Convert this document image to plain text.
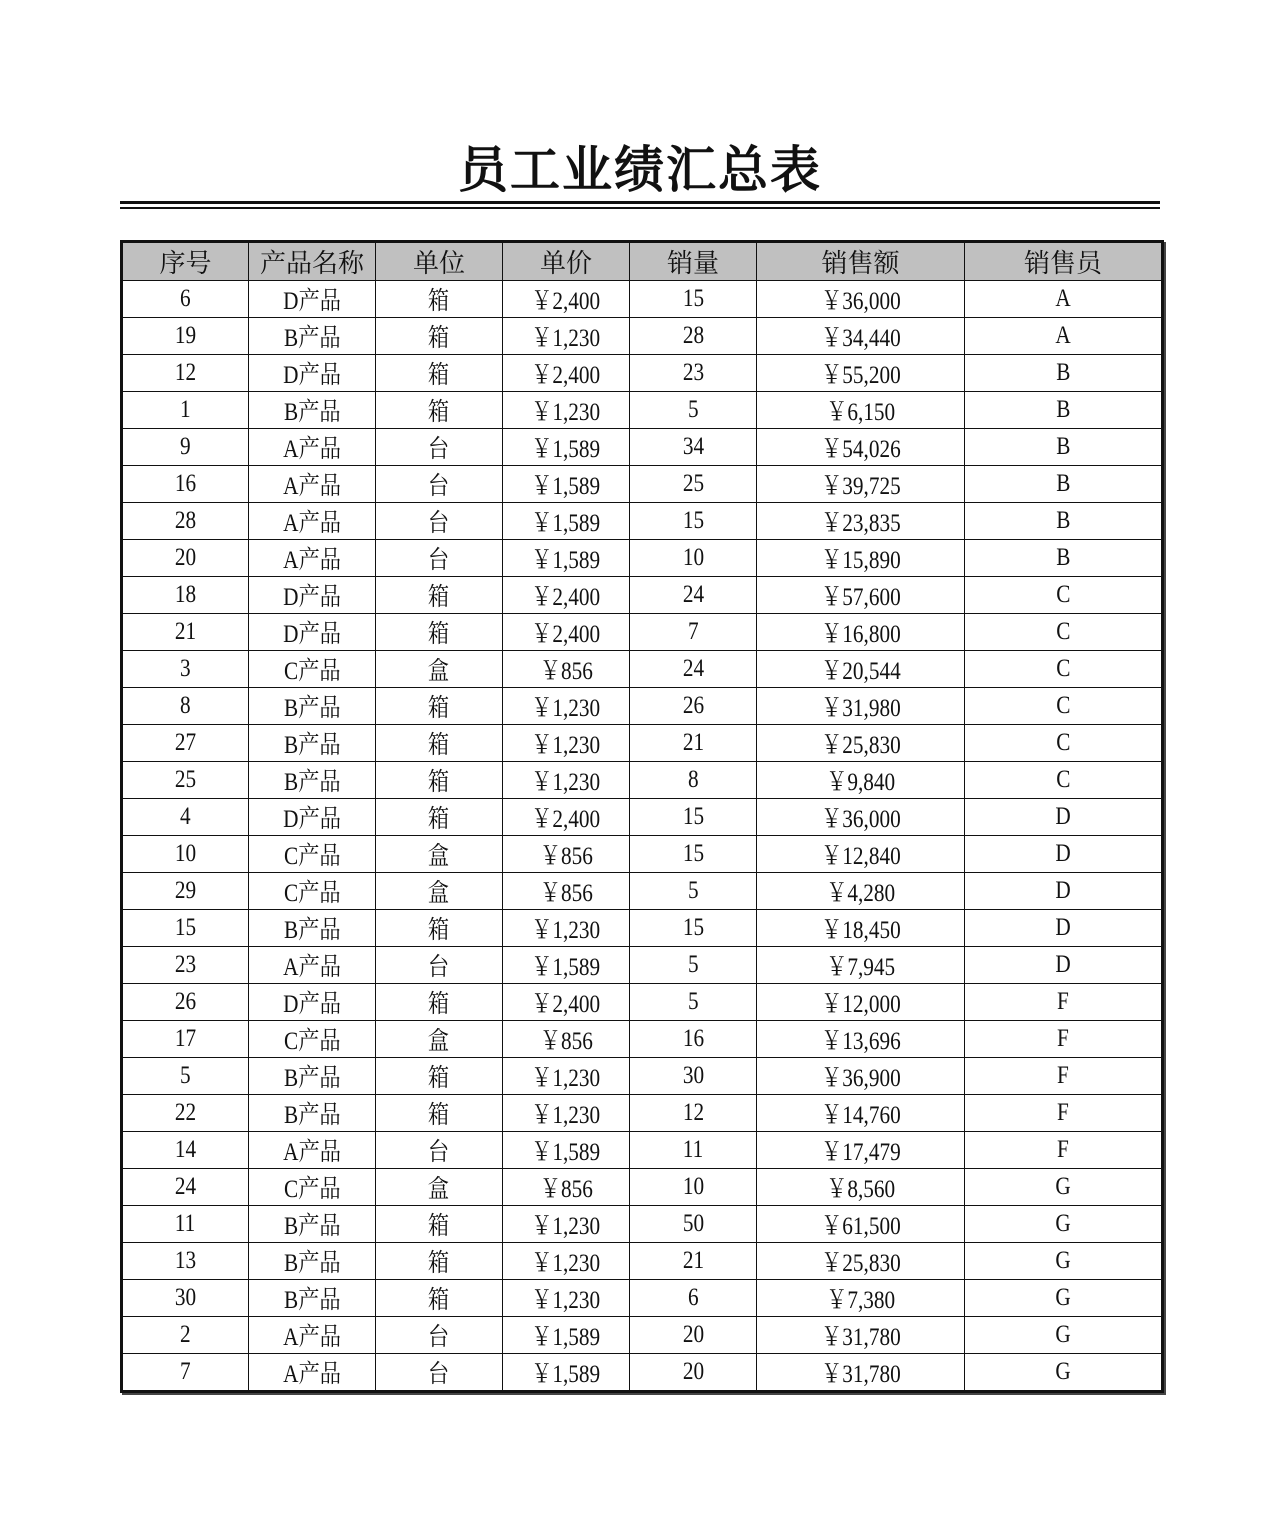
员工业绩汇总表
序号	产品名称	单位	单价	销量	销售额	销售员
6	D产品	箱	￥2,400	15	￥36,000	A
19	B产品	箱	￥1,230	28	￥34,440	A
12	D产品	箱	￥2,400	23	￥55,200	B
1	B产品	箱	￥1,230	5	￥6,150	B
9	A产品	台	￥1,589	34	￥54,026	B
16	A产品	台	￥1,589	25	￥39,725	B
28	A产品	台	￥1,589	15	￥23,835	B
20	A产品	台	￥1,589	10	￥15,890	B
18	D产品	箱	￥2,400	24	￥57,600	C
21	D产品	箱	￥2,400	7	￥16,800	C
3	C产品	盒	￥856	24	￥20,544	C
8	B产品	箱	￥1,230	26	￥31,980	C
27	B产品	箱	￥1,230	21	￥25,830	C
25	B产品	箱	￥1,230	8	￥9,840	C
4	D产品	箱	￥2,400	15	￥36,000	D
10	C产品	盒	￥856	15	￥12,840	D
29	C产品	盒	￥856	5	￥4,280	D
15	B产品	箱	￥1,230	15	￥18,450	D
23	A产品	台	￥1,589	5	￥7,945	D
26	D产品	箱	￥2,400	5	￥12,000	F
17	C产品	盒	￥856	16	￥13,696	F
5	B产品	箱	￥1,230	30	￥36,900	F
22	B产品	箱	￥1,230	12	￥14,760	F
14	A产品	台	￥1,589	11	￥17,479	F
24	C产品	盒	￥856	10	￥8,560	G
11	B产品	箱	￥1,230	50	￥61,500	G
13	B产品	箱	￥1,230	21	￥25,830	G
30	B产品	箱	￥1,230	6	￥7,380	G
2	A产品	台	￥1,589	20	￥31,780	G
7	A产品	台	￥1,589	20	￥31,780	G
